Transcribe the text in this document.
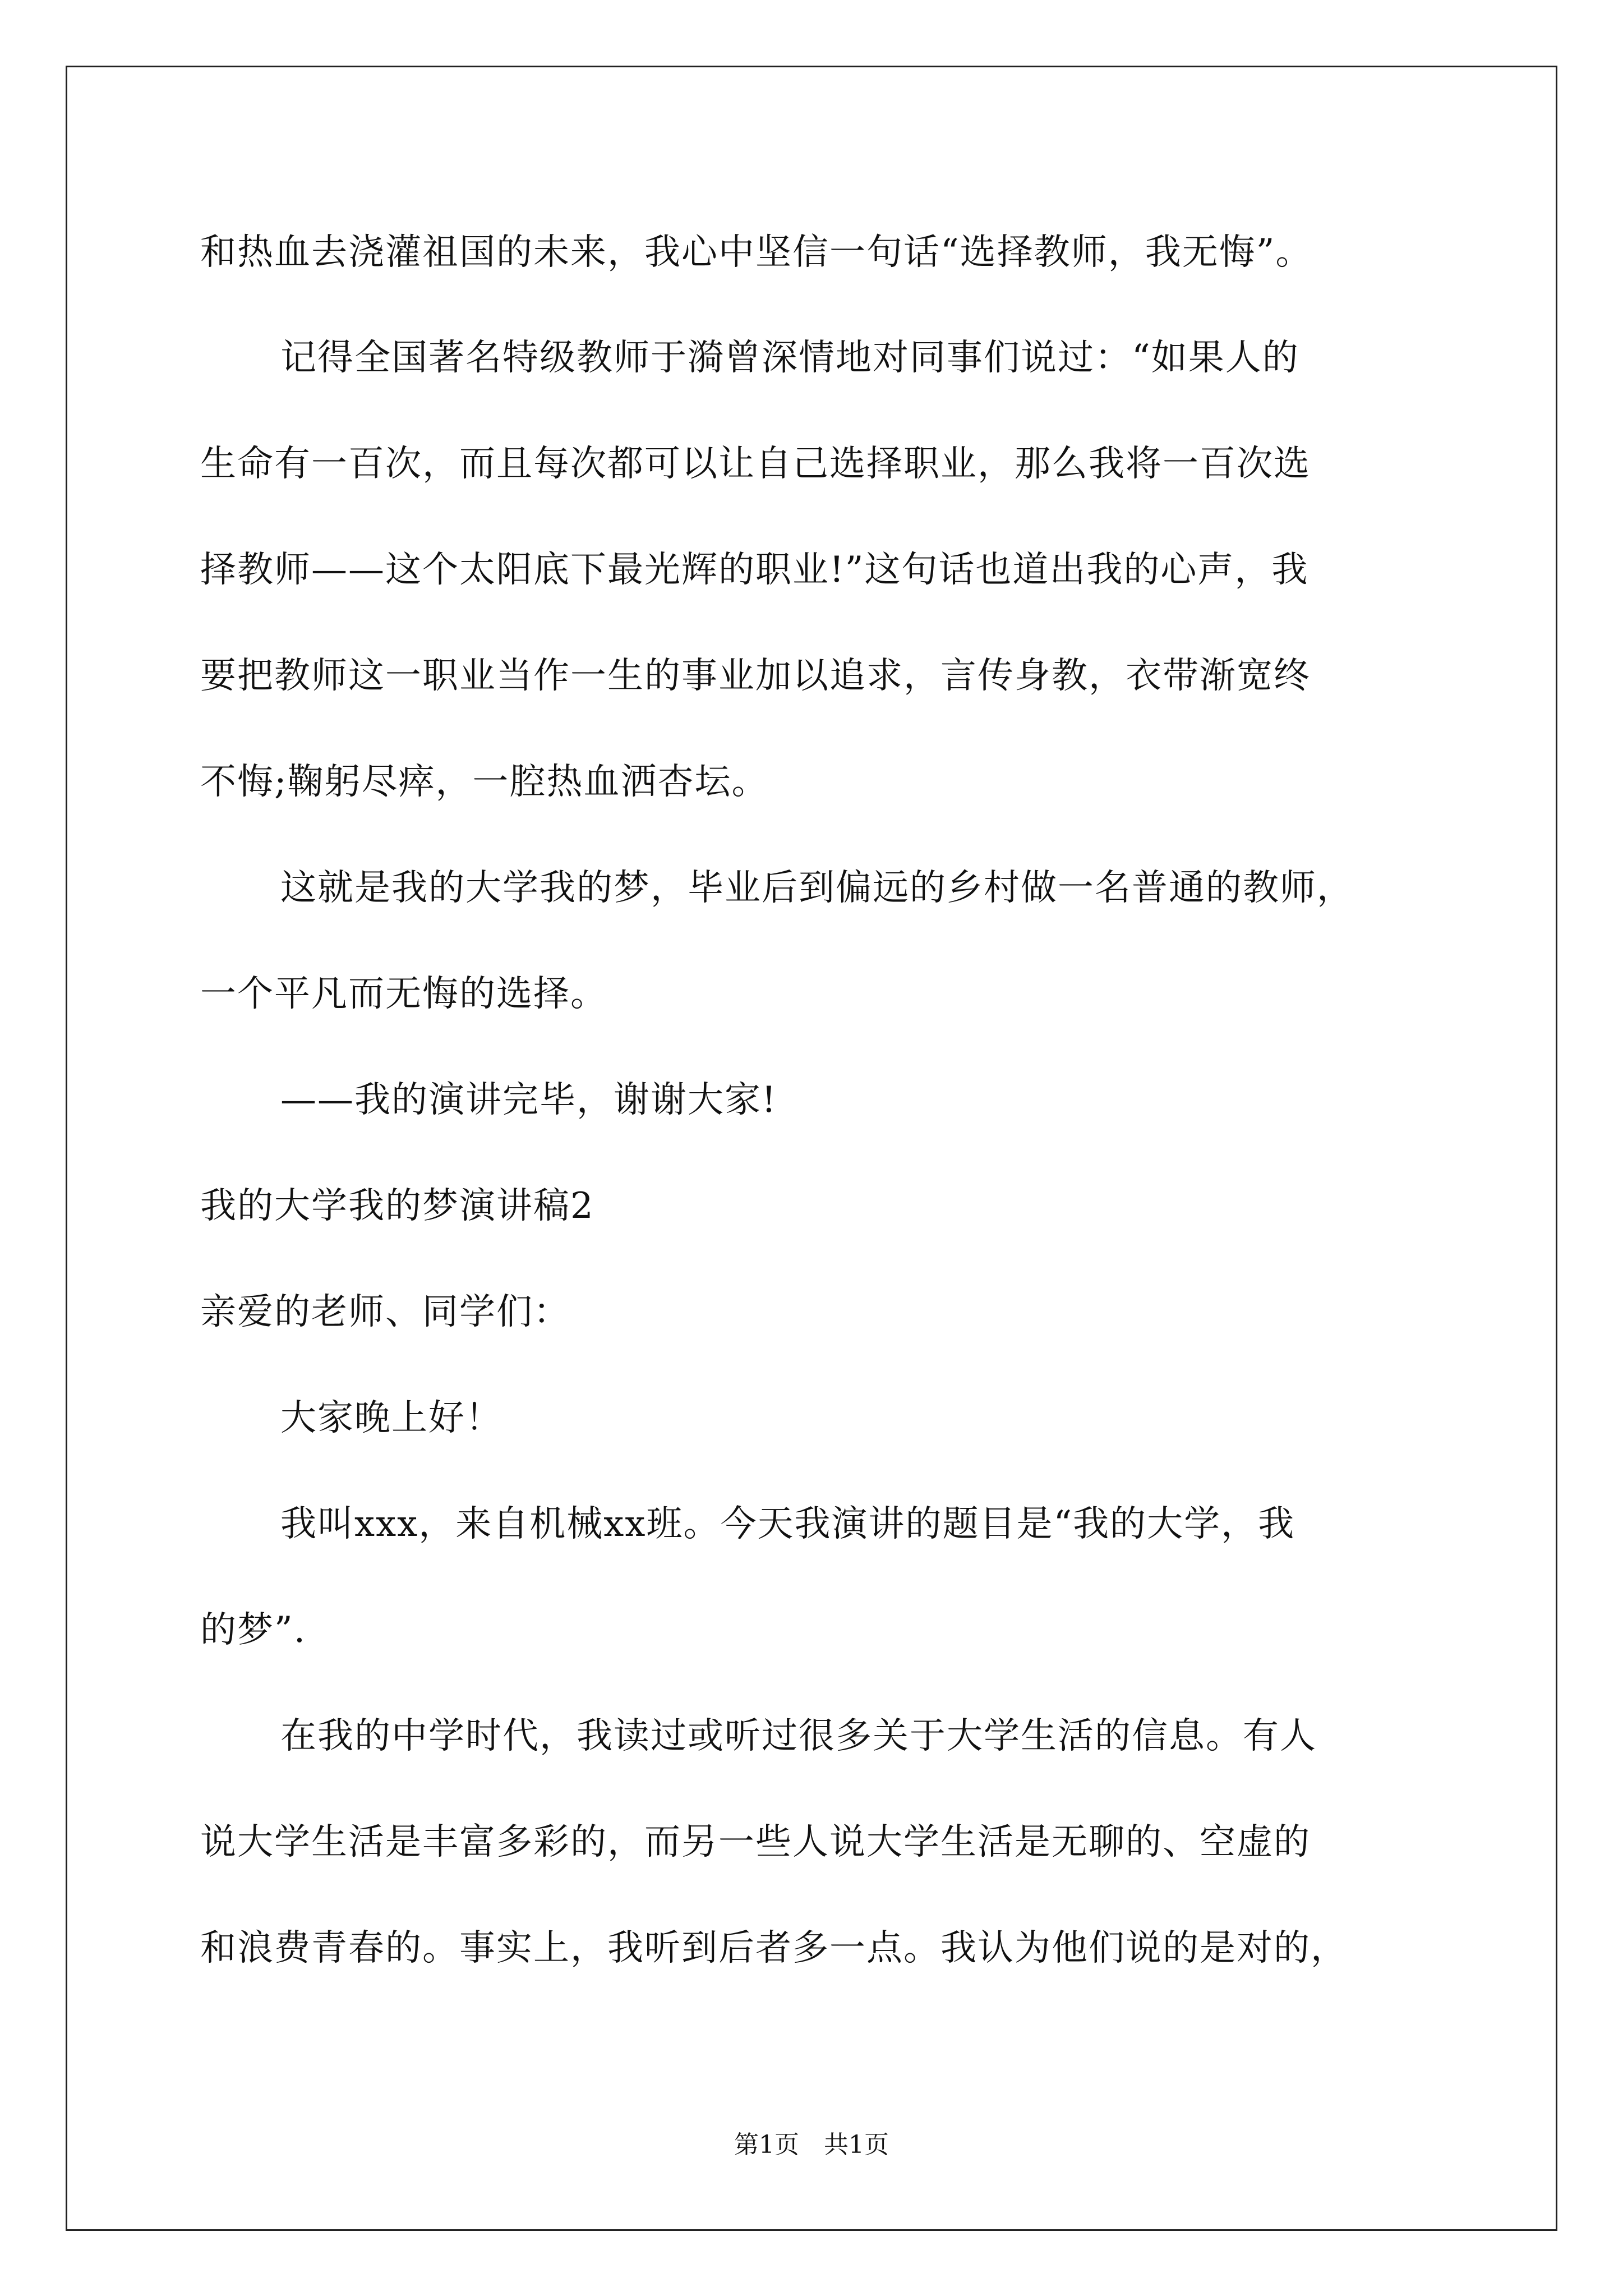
和热血去浇灌祖国的未来，我心中坚信一句话“选择教师，我无悔”。
记得全国著名特级教师于漪曾深情地对同事们说过：“如果人的
生命有一百次，而且每次都可以让自己选择职业，那么我将一百次选
择教师——这个太阳底下最光辉的职业!”这句话也道出我的心声，我
要把教师这一职业当作一生的事业加以追求，言传身教，衣带渐宽终
不悔;鞠躬尽瘁，一腔热血洒杏坛。
这就是我的大学我的梦，毕业后到偏远的乡村做一名普通的教师，
一个平凡而无悔的选择。
——我的演讲完毕，谢谢大家!
我的大学我的梦演讲稿2
亲爱的老师、同学们：
大家晚上好！
我叫xxx，来自机械xx班。今天我演讲的题目是“我的大学，我
的梦”.
在我的中学时代，我读过或听过很多关于大学生活的信息。有人
说大学生活是丰富多彩的，而另一些人说大学生活是无聊的、空虚的
和浪费青春的。事实上，我听到后者多一点。我认为他们说的是对的，
第1页　共1页
